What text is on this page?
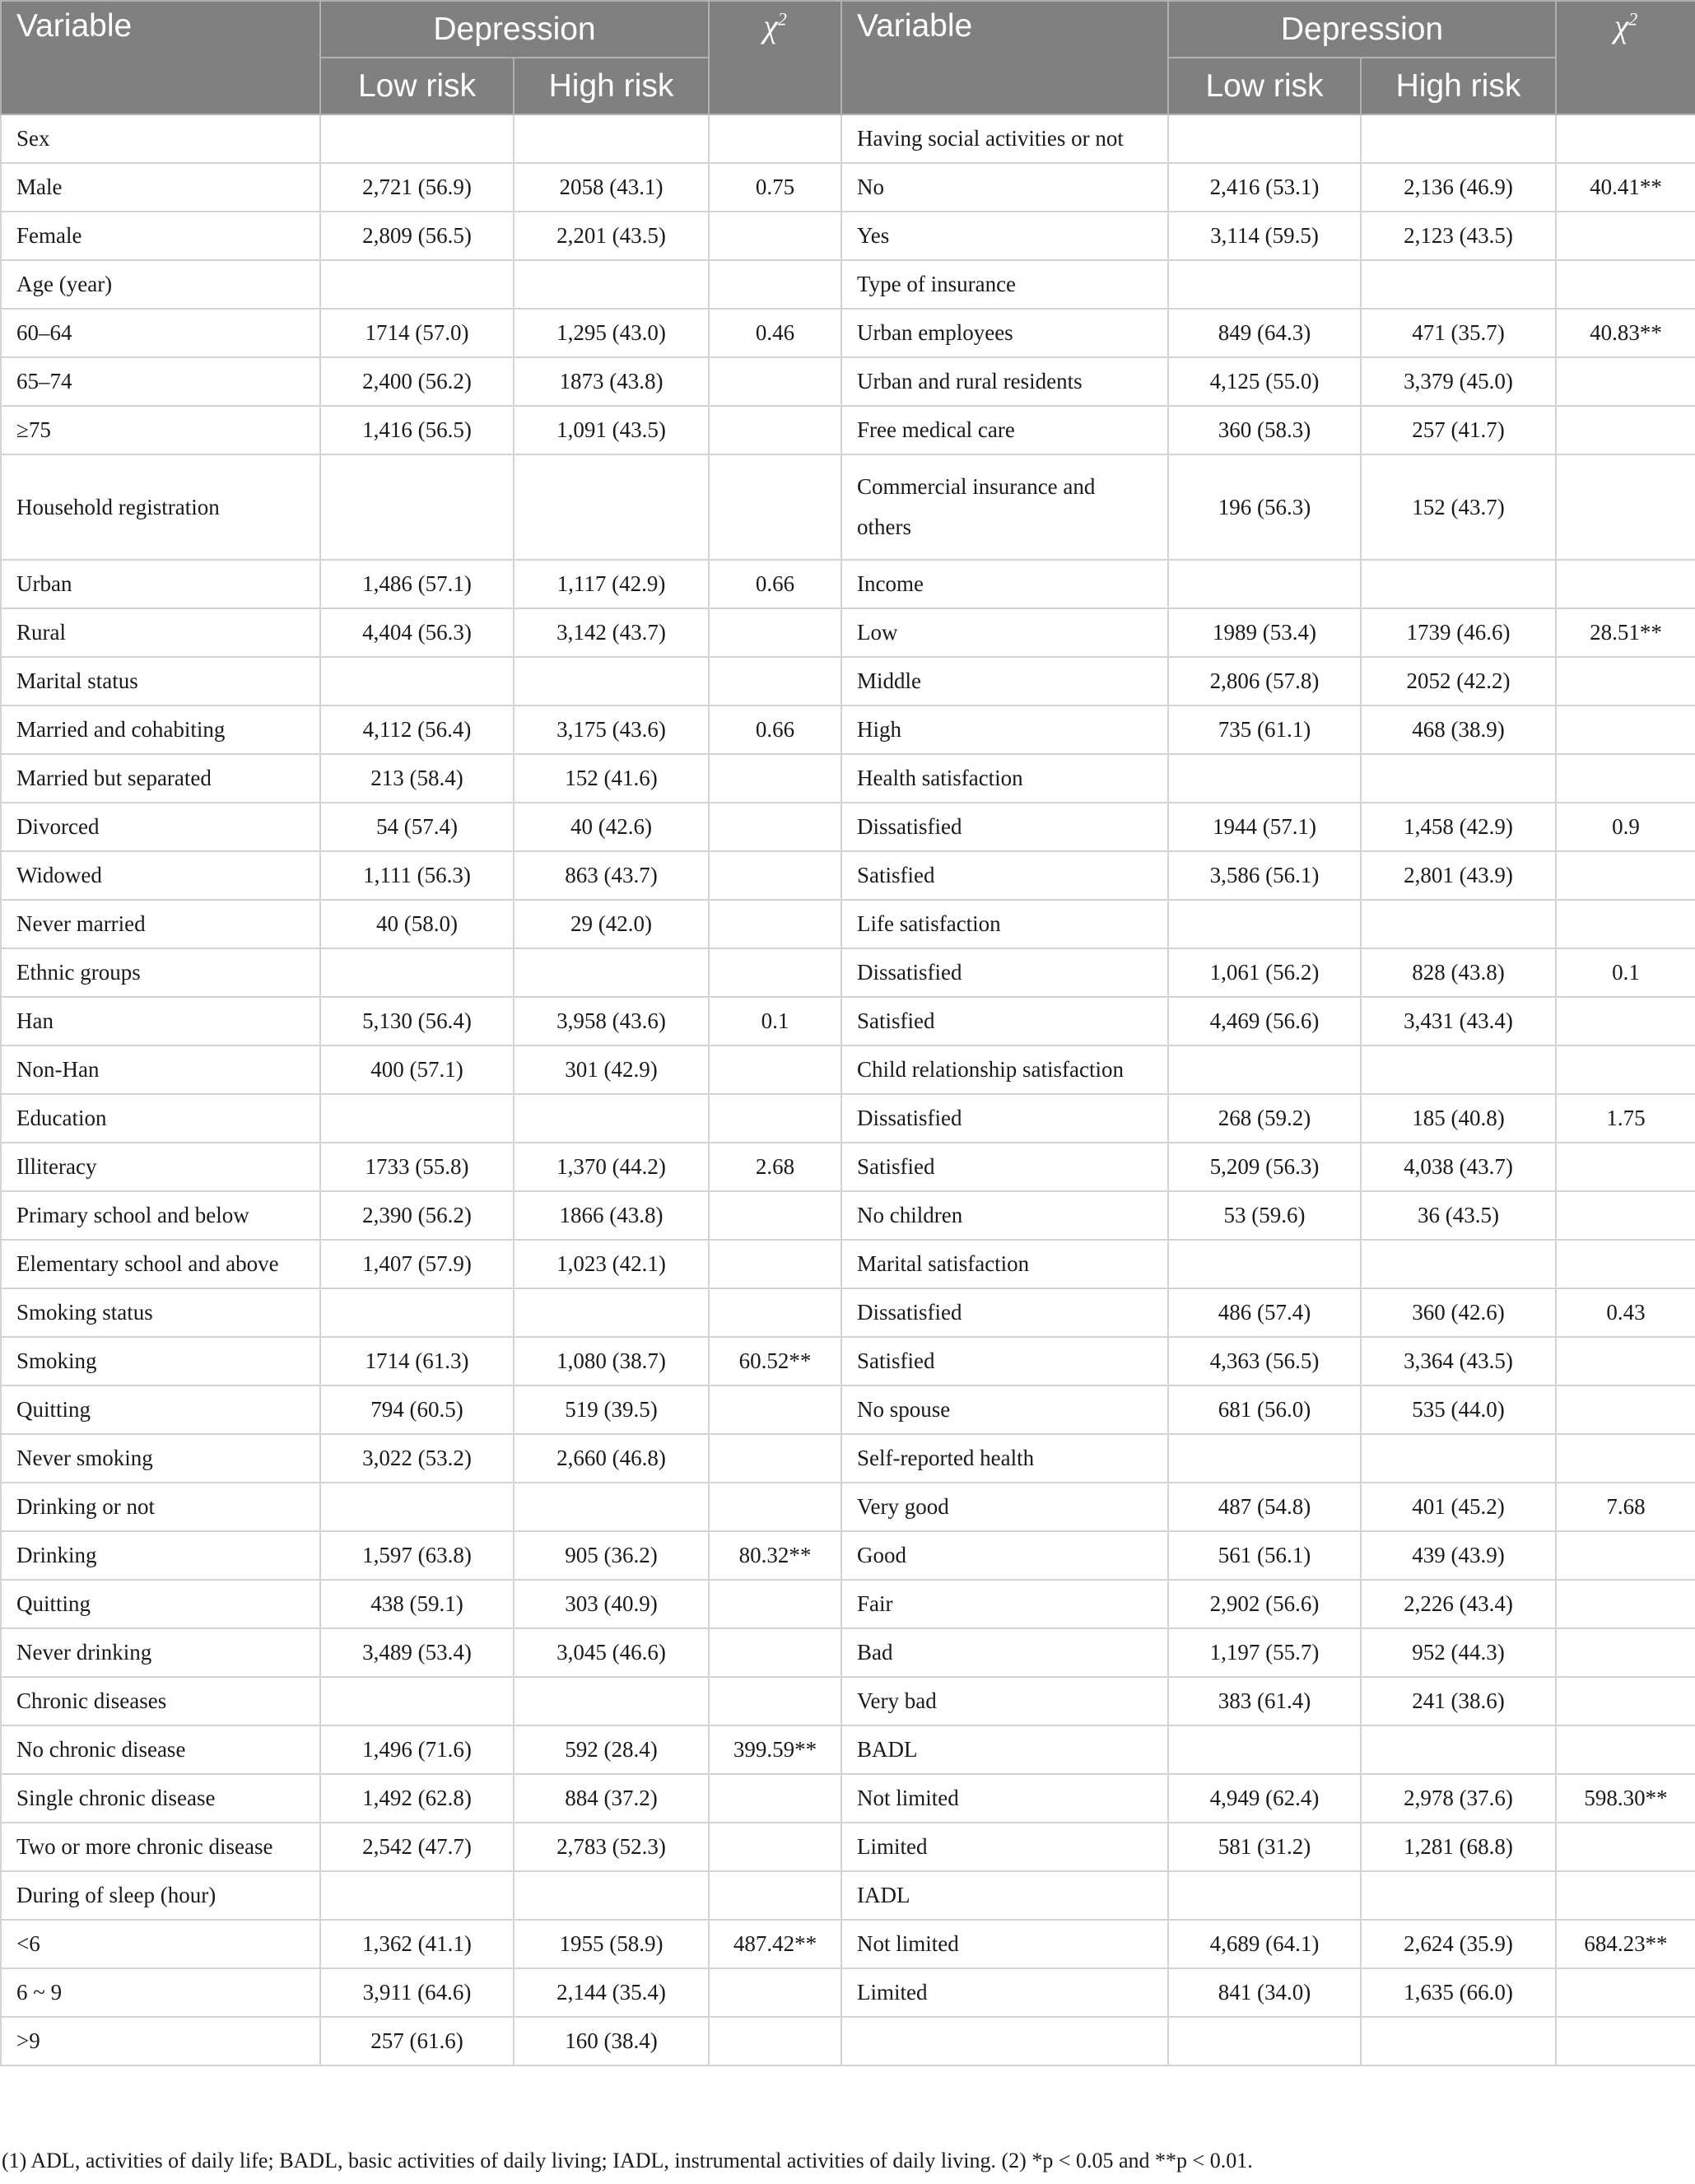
Variable	Depression		$\chi^2$	Variable	Depression		$\chi^2$
	Low risk	High risk			Low risk	High risk	
Sex				Having social activities or not			
Male	2,721 (56.9)	2058 (43.1)	0.75	No	2,416 (53.1)	2,136 (46.9)	40.41**
Female	2,809 (56.5)	2,201 (43.5)		Yes	3,114 (59.5)	2,123 (43.5)	
Age (year)				Type of insurance			
60–64	1714 (57.0)	1,295 (43.0)	0.46	Urban employees	849 (64.3)	471 (35.7)	40.83**
65–74	2,400 (56.2)	1873 (43.8)		Urban and rural residents	4,125 (55.0)	3,379 (45.0)	
≥75	1,416 (56.5)	1,091 (43.5)		Free medical care	360 (58.3)	257 (41.7)	
Household registration				Commercial insurance and others	196 (56.3)	152 (43.7)	
Urban	1,486 (57.1)	1,117 (42.9)	0.66	Income			
Rural	4,404 (56.3)	3,142 (43.7)		Low	1989 (53.4)	1739 (46.6)	28.51**
Marital status				Middle	2,806 (57.8)	2052 (42.2)	
Married and cohabiting	4,112 (56.4)	3,175 (43.6)	0.66	High	735 (61.1)	468 (38.9)	
Married but separated	213 (58.4)	152 (41.6)		Health satisfaction			
Divorced	54 (57.4)	40 (42.6)		Dissatisfied	1944 (57.1)	1,458 (42.9)	0.9
Widowed	1,111 (56.3)	863 (43.7)		Satisfied	3,586 (56.1)	2,801 (43.9)	
Never married	40 (58.0)	29 (42.0)		Life satisfaction			
Ethnic groups				Dissatisfied	1,061 (56.2)	828 (43.8)	0.1
Han	5,130 (56.4)	3,958 (43.6)	0.1	Satisfied	4,469 (56.6)	3,431 (43.4)	
Non-Han	400 (57.1)	301 (42.9)		Child relationship satisfaction			
Education				Dissatisfied	268 (59.2)	185 (40.8)	1.75
Illiteracy	1733 (55.8)	1,370 (44.2)	2.68	Satisfied	5,209 (56.3)	4,038 (43.7)	
Primary school and below	2,390 (56.2)	1866 (43.8)		No children	53 (59.6)	36 (43.5)	
Elementary school and above	1,407 (57.9)	1,023 (42.1)		Marital satisfaction			
Smoking status				Dissatisfied	486 (57.4)	360 (42.6)	0.43
Smoking	1714 (61.3)	1,080 (38.7)	60.52**	Satisfied	4,363 (56.5)	3,364 (43.5)	
Quitting	794 (60.5)	519 (39.5)		No spouse	681 (56.0)	535 (44.0)	
Never smoking	3,022 (53.2)	2,660 (46.8)		Self-reported health			
Drinking or not				Very good	487 (54.8)	401 (45.2)	7.68
Drinking	1,597 (63.8)	905 (36.2)	80.32**	Good	561 (56.1)	439 (43.9)	
Quitting	438 (59.1)	303 (40.9)		Fair	2,902 (56.6)	2,226 (43.4)	
Never drinking	3,489 (53.4)	3,045 (46.6)		Bad	1,197 (55.7)	952 (44.3)	
Chronic diseases				Very bad	383 (61.4)	241 (38.6)	
No chronic disease	1,496 (71.6)	592 (28.4)	399.59**	BADL			
Single chronic disease	1,492 (62.8)	884 (37.2)		Not limited	4,949 (62.4)	2,978 (37.6)	598.30**
Two or more chronic disease	2,542 (47.7)	2,783 (52.3)		Limited	581 (31.2)	1,281 (68.8)	
During of sleep (hour)				IADL			
<6	1,362 (41.1)	1955 (58.9)	487.42**	Not limited	4,689 (64.1)	2,624 (35.9)	684.23**
6 ~ 9	3,911 (64.6)	2,144 (35.4)		Limited	841 (34.0)	1,635 (66.0)	
>9	257 (61.6)	160 (38.4)					
(1) ADL, activities of daily life; BADL, basic activities of daily living; IADL, instrumental activities of daily living. (2) *p < 0.05 and **p < 0.01.
